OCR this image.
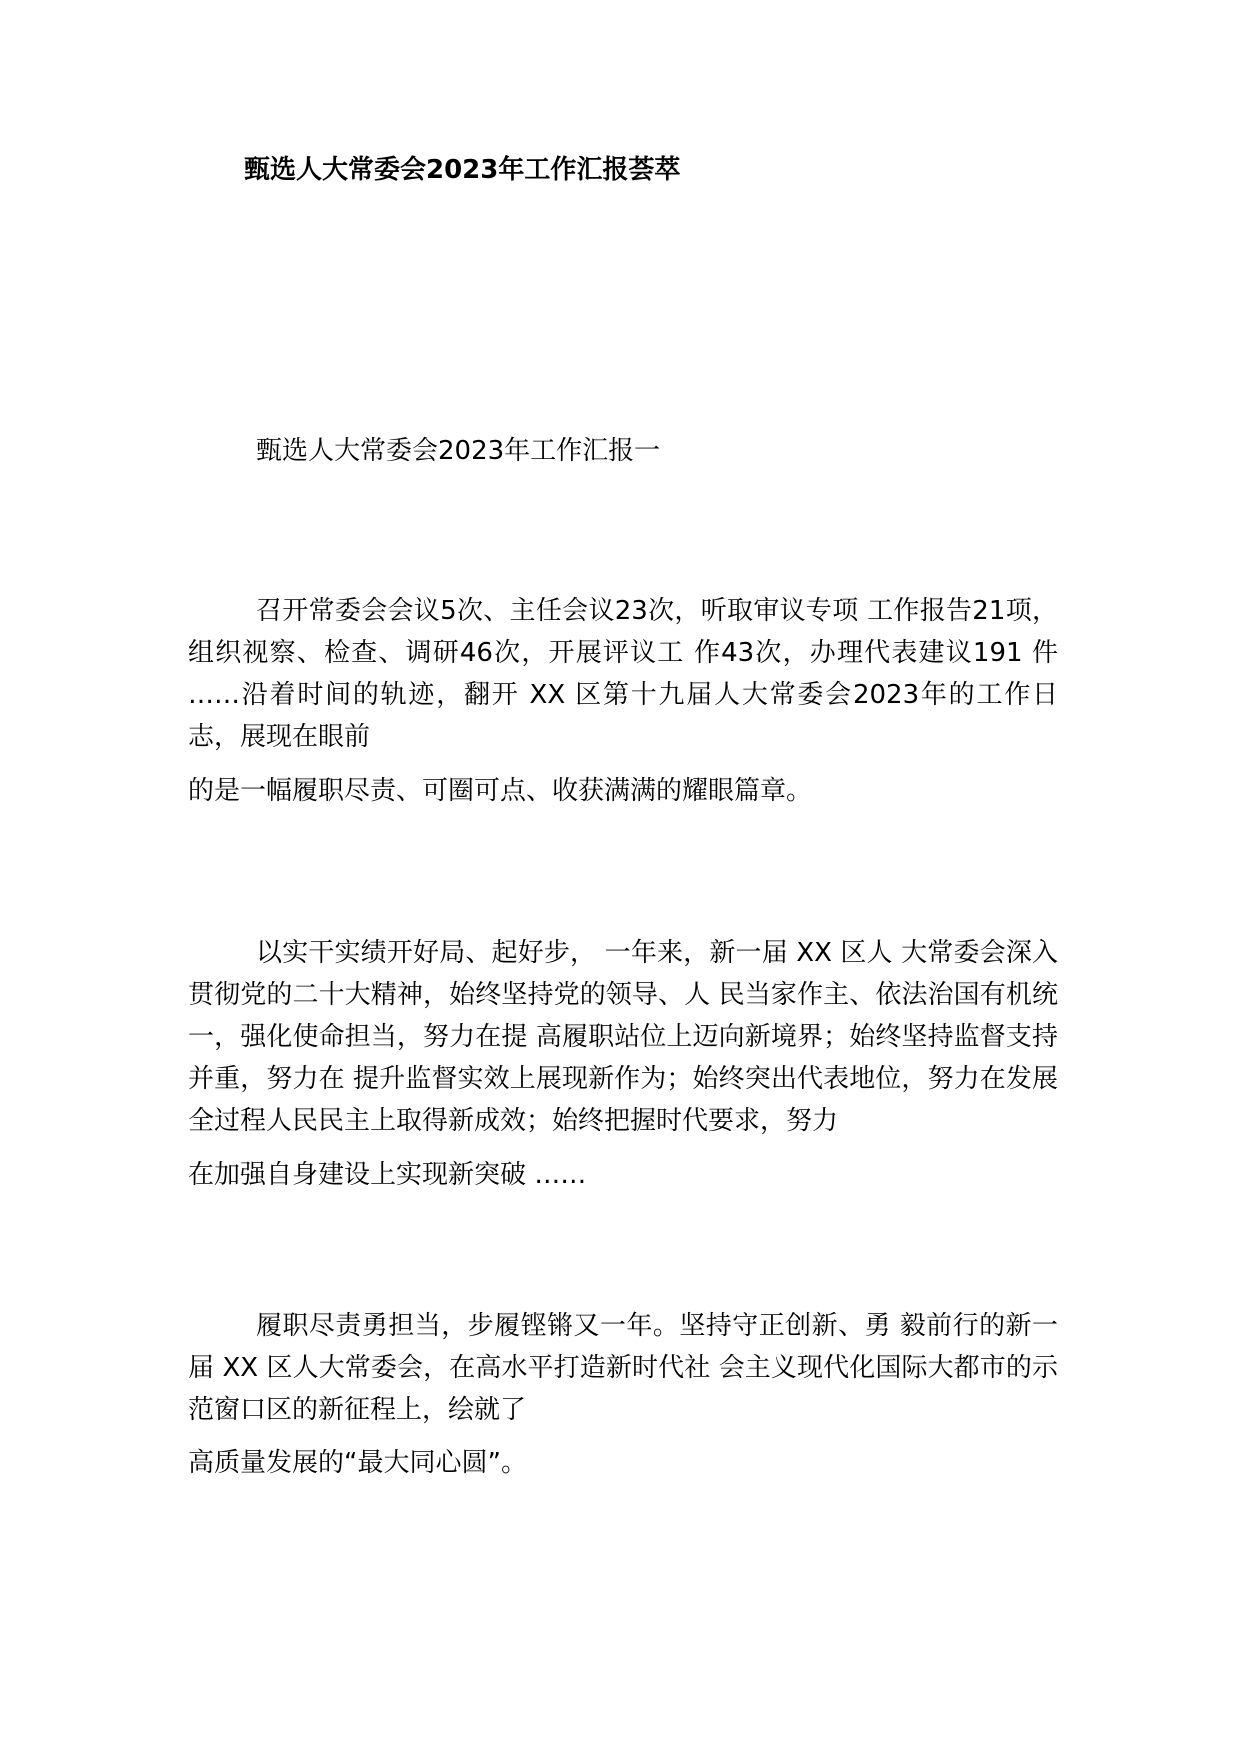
甄选人大常委会2023年工作汇报荟萃
甄选人大常委会2023年工作汇报一
召开常委会会议5次、主任会议23次，听取审议专项 工作报告21项，组织视察、检查、调研46次，开展评议工 作43次，办理代表建议191 件 ……沿着时间的轨迹，翻开 XX 区第十九届人大常委会2023年的工作日志，展现在眼前
的是一幅履职尽责、可圈可点、收获满满的耀眼篇章。
以实干实绩开好局、起好步， 一年来，新一届 XX 区人 大常委会深入贯彻党的二十大精神，始终坚持党的领导、人 民当家作主、依法治国有机统一，强化使命担当，努力在提 高履职站位上迈向新境界；始终坚持监督支持并重，努力在 提升监督实效上展现新作为；始终突出代表地位，努力在发展全过程人民民主上取得新成效；始终把握时代要求，努力
在加强自身建设上实现新突破 ……
履职尽责勇担当，步履铿锵又一年。坚持守正创新、勇 毅前行的新一届 XX 区人大常委会，在高水平打造新时代社 会主义现代化国际大都市的示范窗口区的新征程上，绘就了
高质量发展的“最大同心圆”。
